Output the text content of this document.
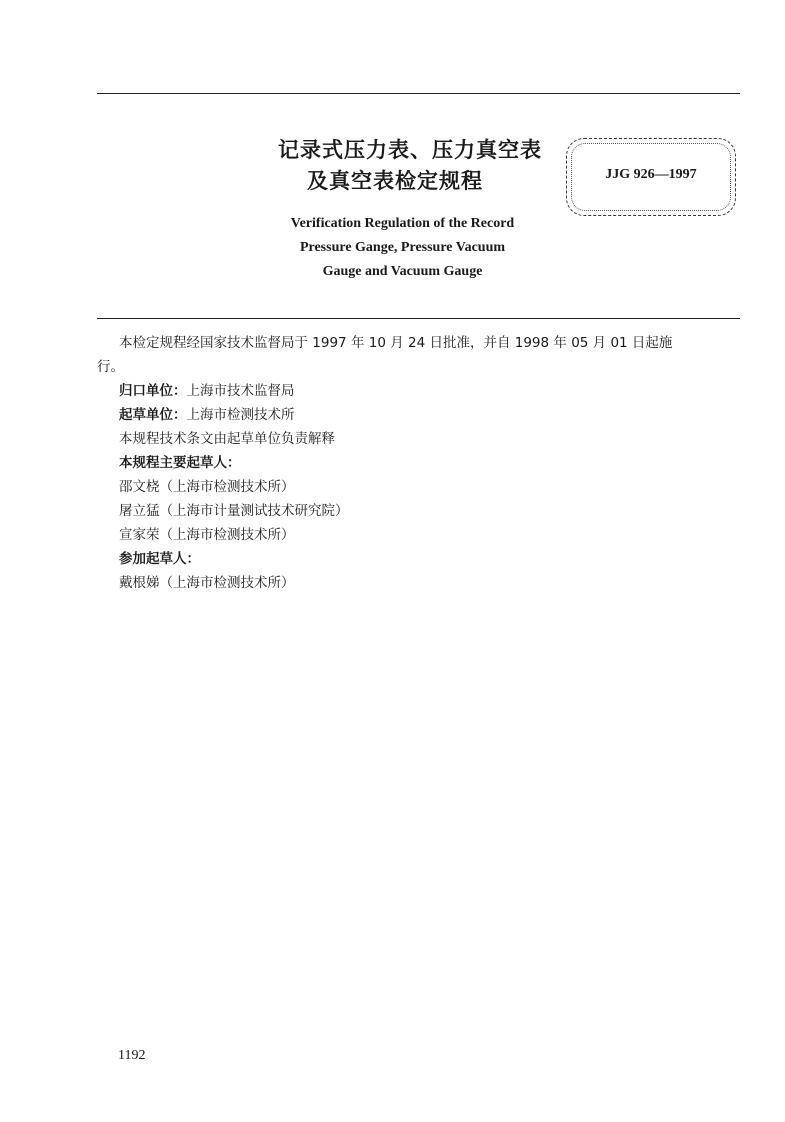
记录式压力表、压力真空表
及真空表检定规程	JJG 926—1997
Verification Regulation of the Record
Pressure Gange, Pressure Vacuum
Gauge and Vacuum Gauge
本检定规程经国家技术监督局于 1997 年 10 月 24 日批准，并自 1998 年 05 月 01 日起施
行。
归口单位：上海市技术监督局
起草单位：上海市检测技术所
本规程技术条文由起草单位负责解释
本规程主要起草人：
邵文桡（上海市检测技术所）
屠立猛（上海市计量测试技术研究院）
宣家荣（上海市检测技术所）
参加起草人：
戴根娣（上海市检测技术所）
1192
